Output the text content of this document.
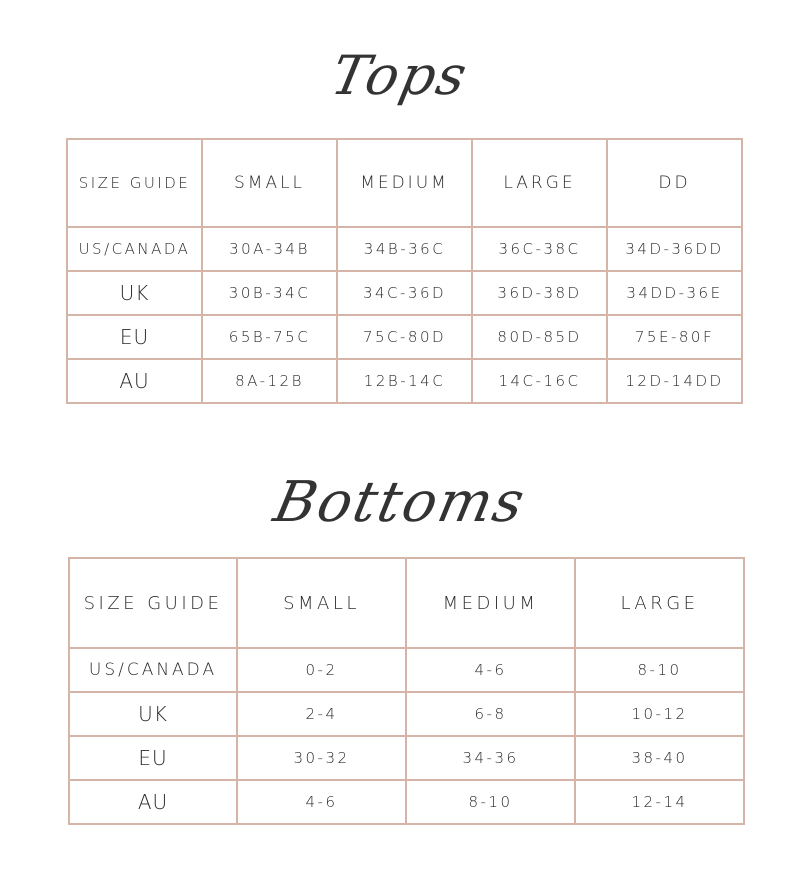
Tops
SIZE GUIDE	SMALL	MEDIUM	LARGE	DD
US/CANADA	30A-34B	34B-36C	36C-38C	34D-36DD
UK	30B-34C	34C-36D	36D-38D	34DD-36E
EU	65B-75C	75C-80D	80D-85D	75E-80F
AU	8A-12B	12B-14C	14C-16C	12D-14DD
Bottoms
SIZE GUIDE	SMALL	MEDIUM	LARGE
US/CANADA	0-2	4-6	8-10
UK	2-4	6-8	10-12
EU	30-32	34-36	38-40
AU	4-6	8-10	12-14
